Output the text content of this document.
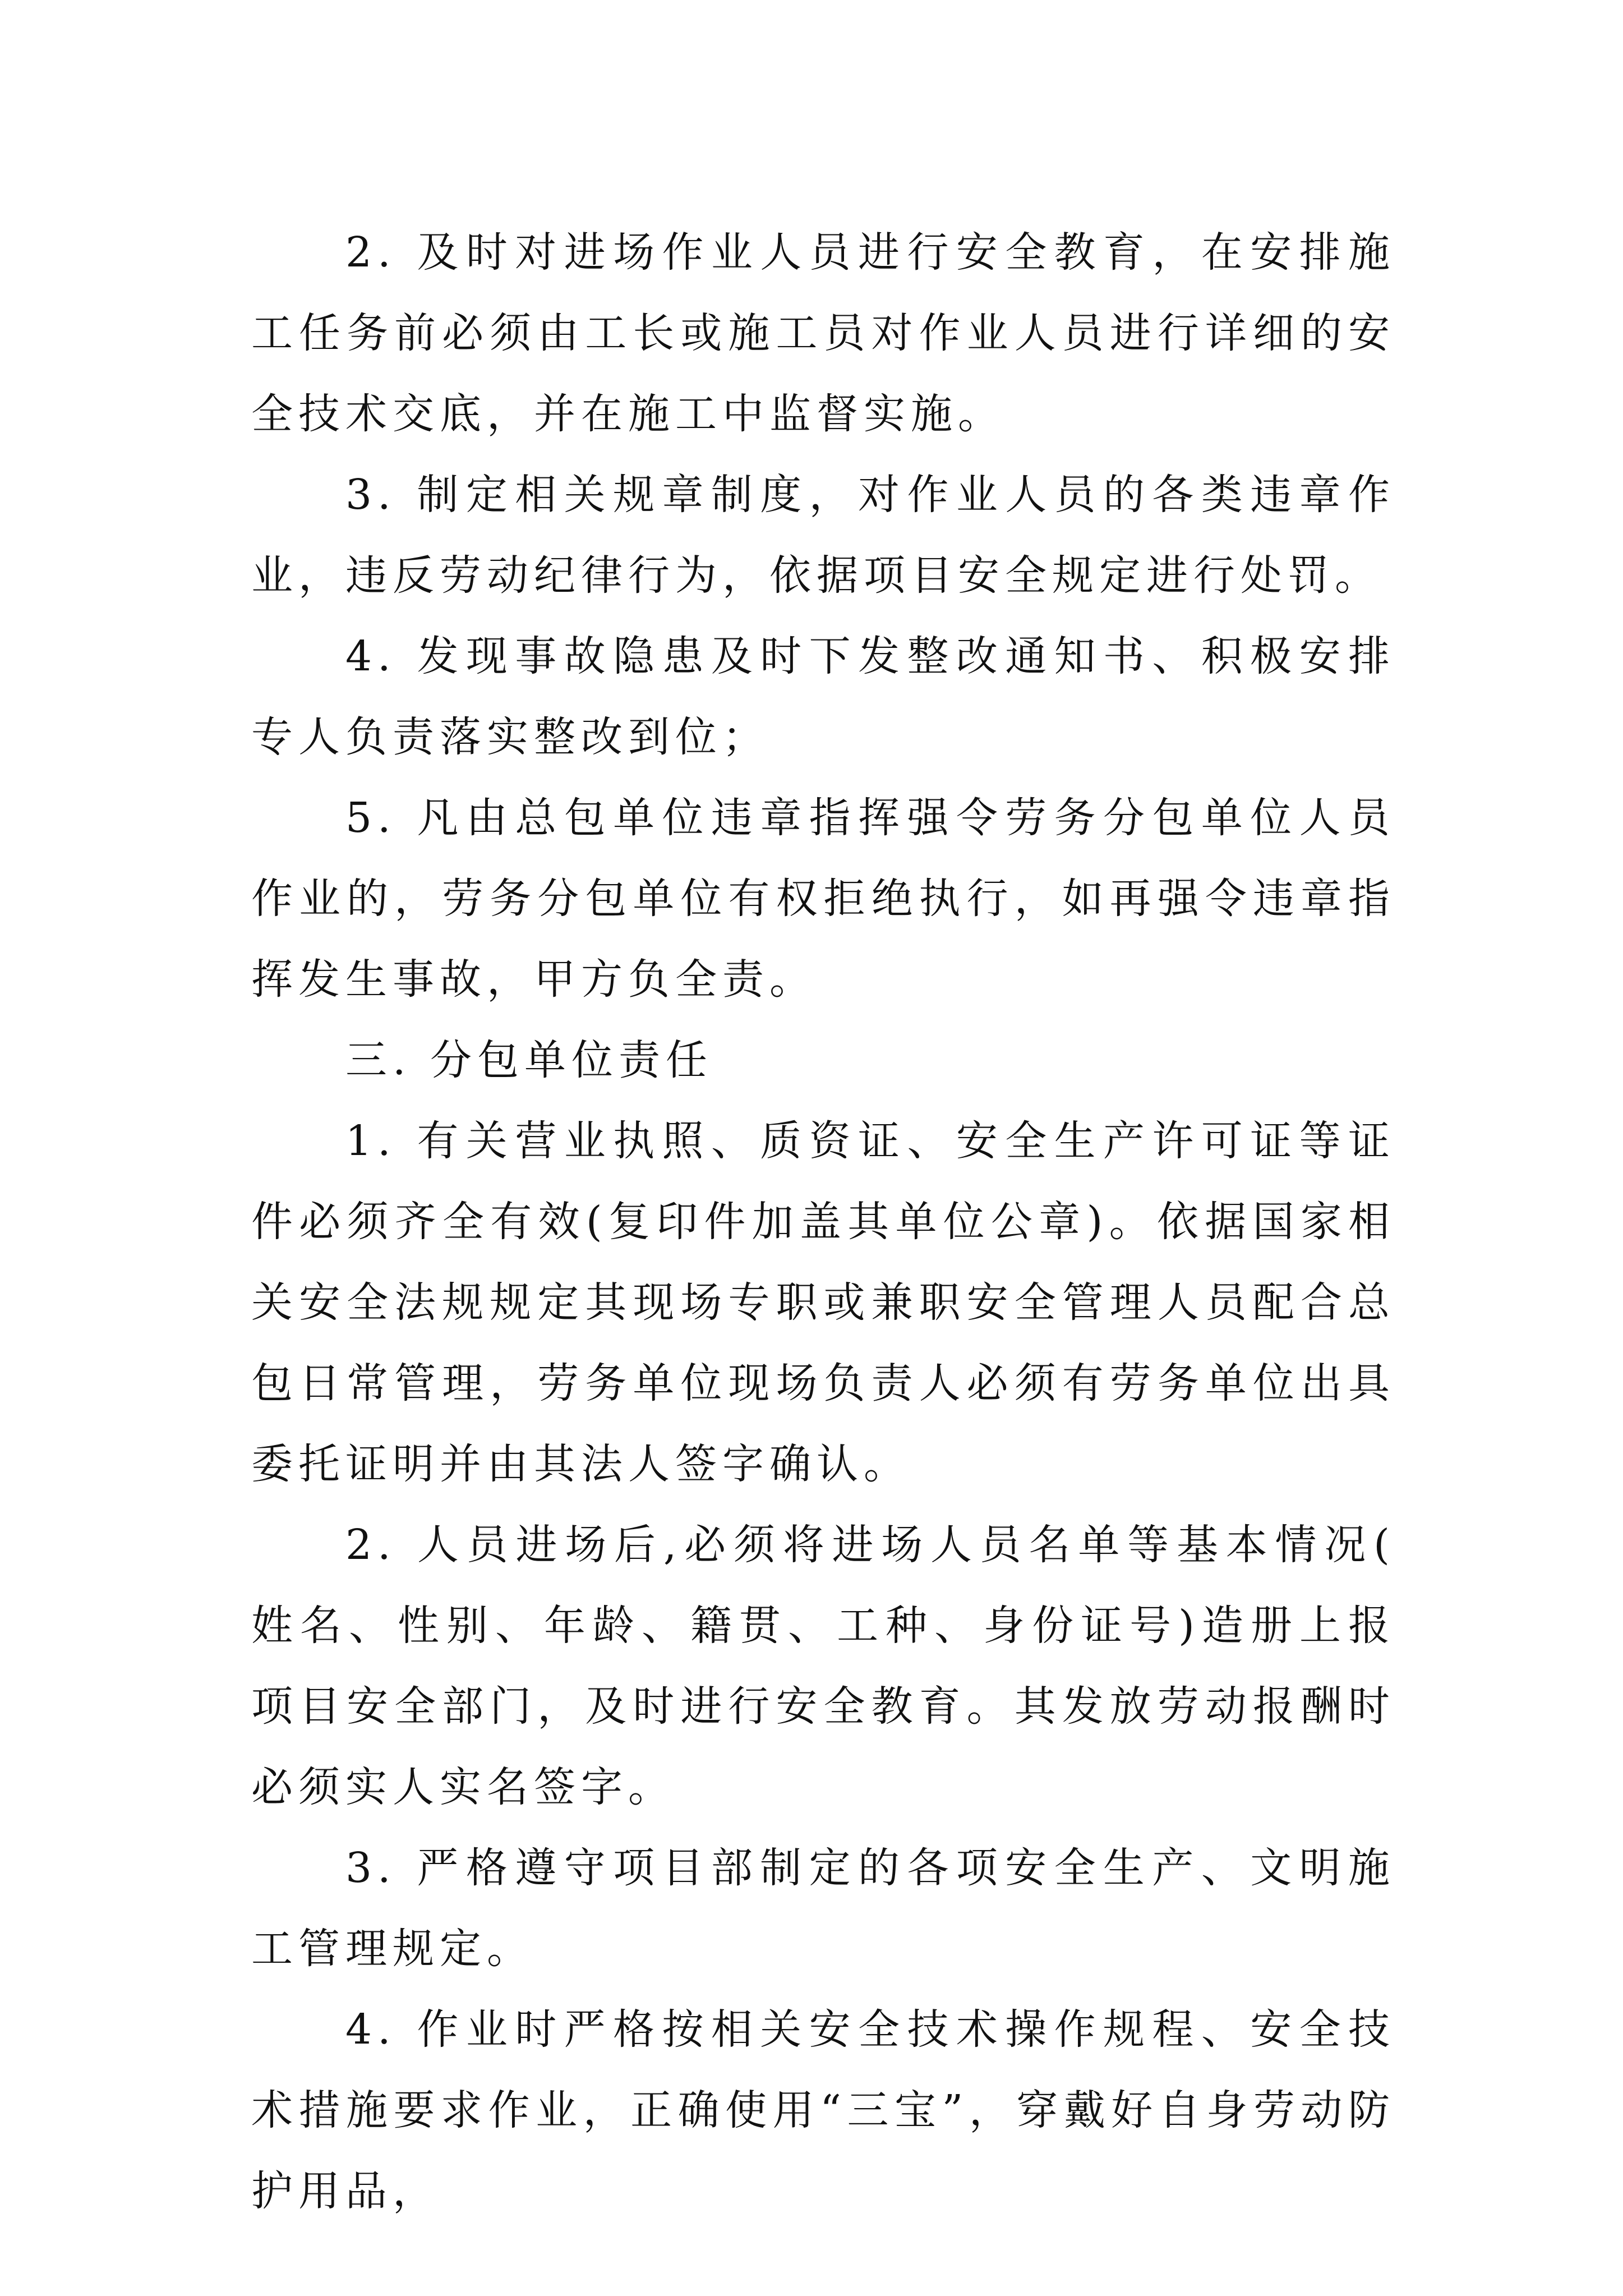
2. 及时对进场作业人员进行安全教育，在安排施工任务前必须由工长或施工员对作业人员进行详细的安全技术交底，并在施工中监督实施。

3. 制定相关规章制度，对作业人员的各类违章作业，违反劳动纪律行为，依据项目安全规定进行处罚。

4. 发现事故隐患及时下发整改通知书、积极安排专人负责落实整改到位；

5. 凡由总包单位违章指挥强令劳务分包单位人员作业的，劳务分包单位有权拒绝执行，如再强令违章指挥发生事故，甲方负全责。

三. 分包单位责任

1. 有关营业执照、质资证、安全生产许可证等证件必须齐全有效(复印件加盖其单位公章)。依据国家相关安全法规规定其现场专职或兼职安全管理人员配合总包日常管理，劳务单位现场负责人必须有劳务单位出具委托证明并由其法人签字确认。

2. 人员进场后,必须将进场人员名单等基本情况(姓名、性别、年龄、籍贯、工种、身份证号)造册上报项目安全部门，及时进行安全教育。其发放劳动报酬时必须实人实名签字。

3. 严格遵守项目部制定的各项安全生产、文明施工管理规定。

4. 作业时严格按相关安全技术操作规程、安全技术措施要求作业，正确使用“三宝”，穿戴好自身劳动防护用品，
